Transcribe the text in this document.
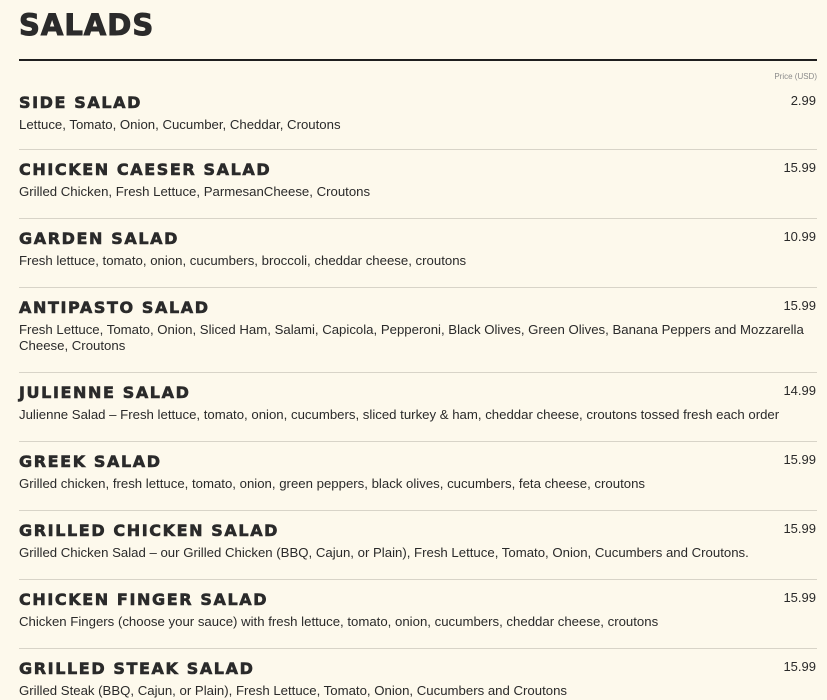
SALADS
Price (USD)
SIDE SALAD	2.99
Lettuce, Tomato, Onion, Cucumber, Cheddar, Croutons
CHICKEN CAESER SALAD	15.99
Grilled Chicken, Fresh Lettuce, ParmesanCheese, Croutons
GARDEN SALAD	10.99
Fresh lettuce, tomato, onion, cucumbers, broccoli, cheddar cheese, croutons
ANTIPASTO SALAD	15.99
Fresh Lettuce, Tomato, Onion, Sliced Ham, Salami, Capicola, Pepperoni, Black Olives, Green Olives, Banana Peppers and Mozzarella Cheese, Croutons
JULIENNE SALAD	14.99
Julienne Salad – Fresh lettuce, tomato, onion, cucumbers, sliced turkey & ham, cheddar cheese, croutons tossed fresh each order
GREEK SALAD	15.99
Grilled chicken, fresh lettuce, tomato, onion, green peppers, black olives, cucumbers, feta cheese, croutons
GRILLED CHICKEN SALAD	15.99
Grilled Chicken Salad – our Grilled Chicken (BBQ, Cajun, or Plain), Fresh Lettuce, Tomato, Onion, Cucumbers and Croutons.
CHICKEN FINGER SALAD	15.99
Chicken Fingers (choose your sauce) with fresh lettuce, tomato, onion, cucumbers, cheddar cheese, croutons
GRILLED STEAK SALAD	15.99
Grilled Steak (BBQ, Cajun, or Plain), Fresh Lettuce, Tomato, Onion, Cucumbers and Croutons
